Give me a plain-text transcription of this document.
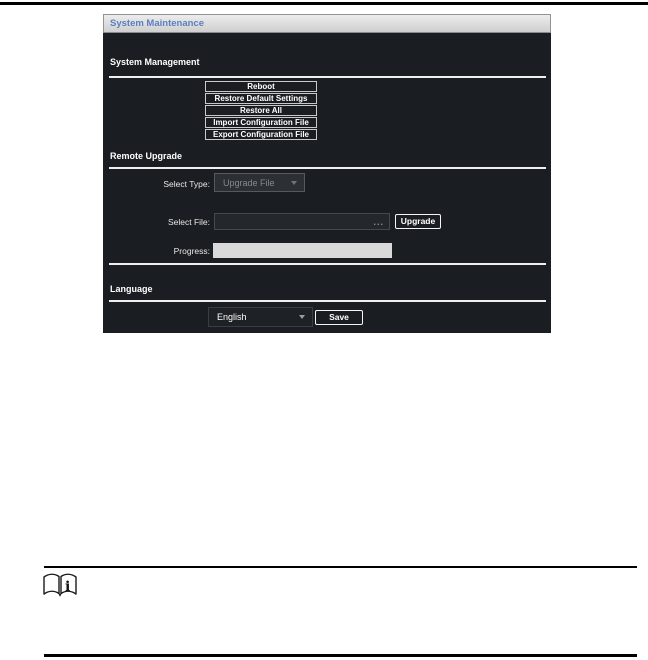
System Maintenance
System Management
Reboot
Restore Default Settings
Restore All
Import Configuration File
Export Configuration File
Remote Upgrade
Select Type:	Upgrade File
Select File:	...	Upgrade
Progress:
Language
English	Save
i
